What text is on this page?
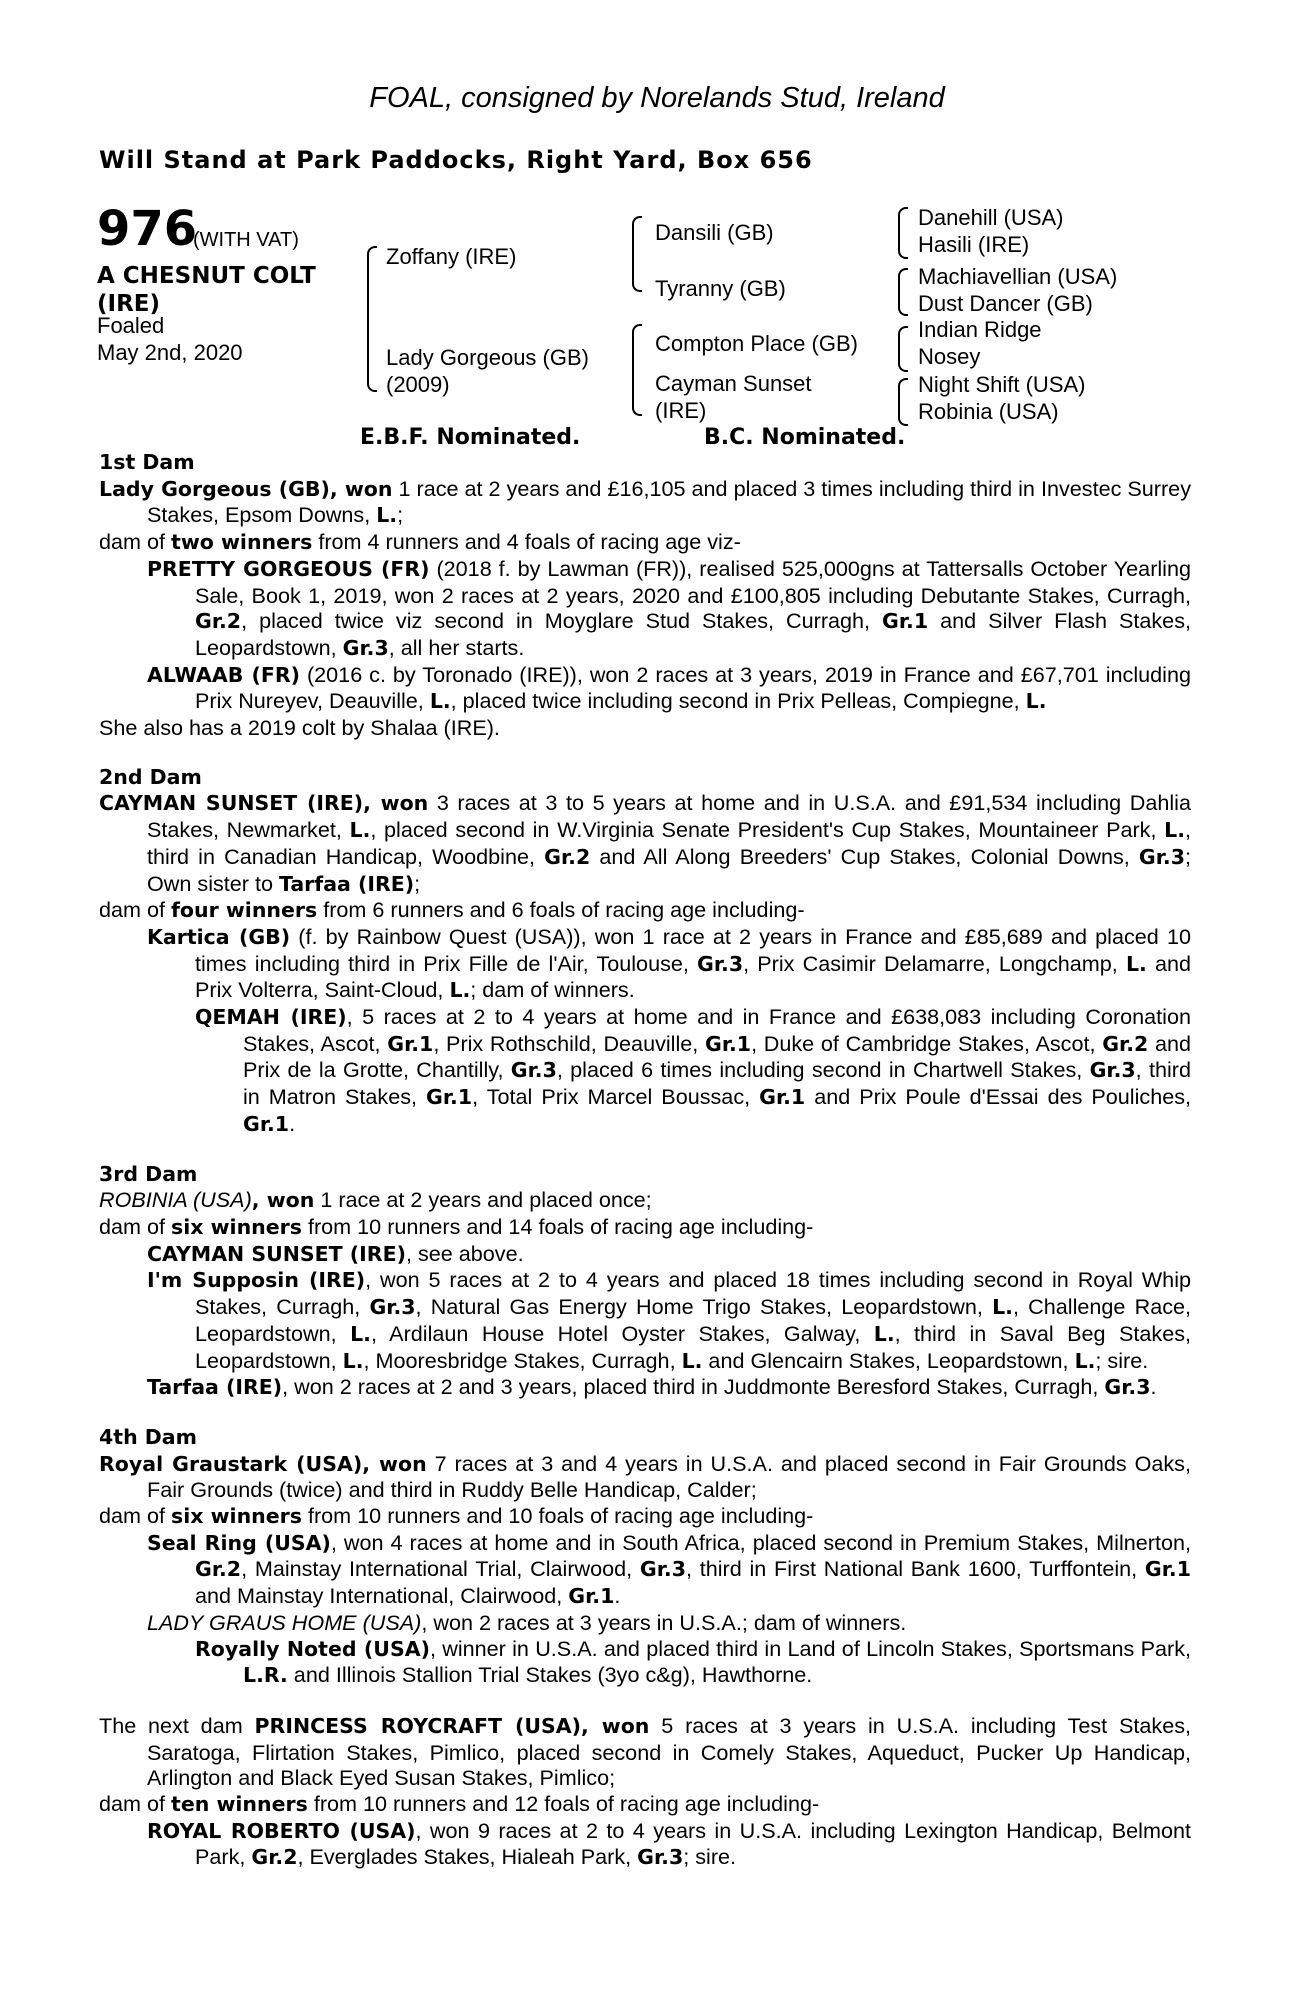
FOAL, consigned by Norelands Stud, Ireland
Will Stand at Park Paddocks, Right Yard, Box 656
976
(WITH VAT)
A CHESNUT COLT
(IRE)
Foaled
May 2nd, 2020
Zoffany (IRE)
Lady Gorgeous (GB)
(2009)
Dansili (GB)
Tyranny (GB)
Compton Place (GB)
Cayman Sunset
(IRE)
Danehill (USA)
Hasili (IRE)
Machiavellian (USA)
Dust Dancer (GB)
Indian Ridge
Nosey
Night Shift (USA)
Robinia (USA)
E.B.F. Nominated.	B.C. Nominated.
1st Dam

Lady Gorgeous (GB), won 1 race at 2 years and £16,105 and placed 3 times including third in Investec Surrey Stakes, Epsom Downs, L.;

dam of two winners from 4 runners and 4 foals of racing age viz-

PRETTY GORGEOUS (FR) (2018 f. by Lawman (FR)), realised 525,000gns at Tattersalls October Yearling Sale, Book 1, 2019, won 2 races at 2 years, 2020 and £100,805 including Debutante Stakes, Curragh, Gr.2, placed twice viz second in Moyglare Stud Stakes, Curragh, Gr.1 and Silver Flash Stakes, Leopardstown, Gr.3, all her starts.

ALWAAB (FR) (2016 c. by Toronado (IRE)), won 2 races at 3 years, 2019 in France and £67,701 including Prix Nureyev, Deauville, L., placed twice including second in Prix Pelleas, Compiegne, L.

She also has a 2019 colt by Shalaa (IRE).

2nd Dam

CAYMAN SUNSET (IRE), won 3 races at 3 to 5 years at home and in U.S.A. and £91,534 including Dahlia Stakes, Newmarket, L., placed second in W.Virginia Senate President's Cup Stakes, Mountaineer Park, L., third in Canadian Handicap, Woodbine, Gr.2 and All Along Breeders' Cup Stakes, Colonial Downs, Gr.3; Own sister to Tarfaa (IRE);

dam of four winners from 6 runners and 6 foals of racing age including-

Kartica (GB) (f. by Rainbow Quest (USA)), won 1 race at 2 years in France and £85,689 and placed 10 times including third in Prix Fille de l'Air, Toulouse, Gr.3, Prix Casimir Delamarre, Longchamp, L. and Prix Volterra, Saint-Cloud, L.; dam of winners.

QEMAH (IRE), 5 races at 2 to 4 years at home and in France and £638,083 including Coronation Stakes, Ascot, Gr.1, Prix Rothschild, Deauville, Gr.1, Duke of Cambridge Stakes, Ascot, Gr.2 and Prix de la Grotte, Chantilly, Gr.3, placed 6 times including second in Chartwell Stakes, Gr.3, third in Matron Stakes, Gr.1, Total Prix Marcel Boussac, Gr.1 and Prix Poule d'Essai des Pouliches, Gr.1.

3rd Dam

ROBINIA (USA), won 1 race at 2 years and placed once;

dam of six winners from 10 runners and 14 foals of racing age including-

CAYMAN SUNSET (IRE), see above.

I'm Supposin (IRE), won 5 races at 2 to 4 years and placed 18 times including second in Royal Whip Stakes, Curragh, Gr.3, Natural Gas Energy Home Trigo Stakes, Leopardstown, L., Challenge Race, Leopardstown, L., Ardilaun House Hotel Oyster Stakes, Galway, L., third in Saval Beg Stakes, Leopardstown, L., Mooresbridge Stakes, Curragh, L. and Glencairn Stakes, Leopardstown, L.; sire.

Tarfaa (IRE), won 2 races at 2 and 3 years, placed third in Juddmonte Beresford Stakes, Curragh, Gr.3.

4th Dam

Royal Graustark (USA), won 7 races at 3 and 4 years in U.S.A. and placed second in Fair Grounds Oaks, Fair Grounds (twice) and third in Ruddy Belle Handicap, Calder;

dam of six winners from 10 runners and 10 foals of racing age including-

Seal Ring (USA), won 4 races at home and in South Africa, placed second in Premium Stakes, Milnerton, Gr.2, Mainstay International Trial, Clairwood, Gr.3, third in First National Bank 1600, Turffontein, Gr.1 and Mainstay International, Clairwood, Gr.1.

LADY GRAUS HOME (USA), won 2 races at 3 years in U.S.A.; dam of winners.

Royally Noted (USA), winner in U.S.A. and placed third in Land of Lincoln Stakes, Sportsmans Park, L.R. and Illinois Stallion Trial Stakes (3yo c&g), Hawthorne.

The next dam PRINCESS ROYCRAFT (USA), won 5 races at 3 years in U.S.A. including Test Stakes, Saratoga, Flirtation Stakes, Pimlico, placed second in Comely Stakes, Aqueduct, Pucker Up Handicap, Arlington and Black Eyed Susan Stakes, Pimlico;

dam of ten winners from 10 runners and 12 foals of racing age including-

ROYAL ROBERTO (USA), won 9 races at 2 to 4 years in U.S.A. including Lexington Handicap, Belmont Park, Gr.2, Everglades Stakes, Hialeah Park, Gr.3; sire.
